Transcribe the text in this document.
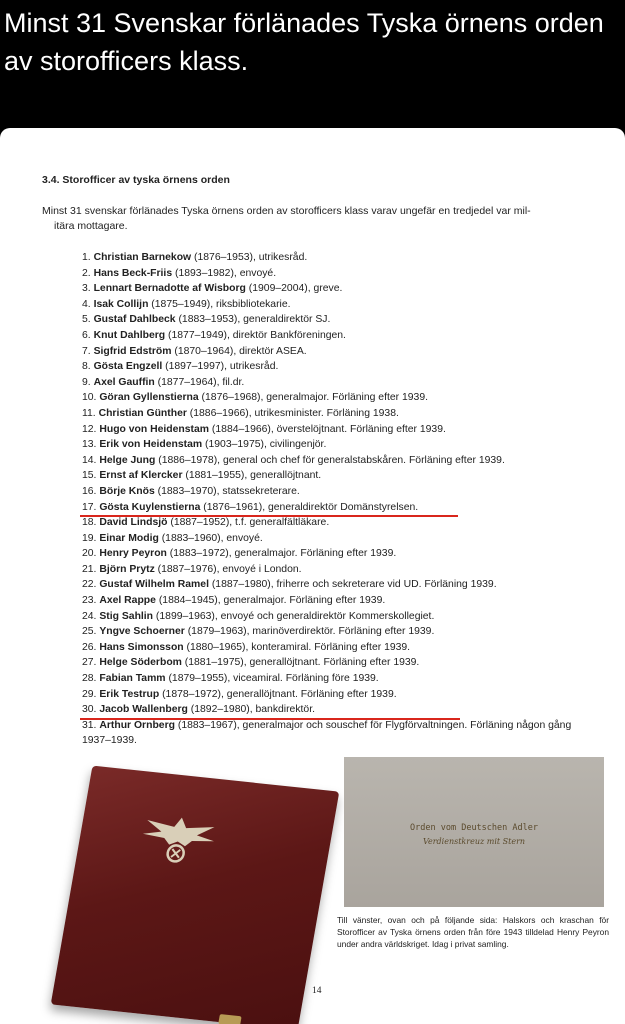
Minst 31 Svenskar förlänades Tyska örnens orden av storofficers klass.
3.4. Storofficer av tyska örnens orden
Minst 31 svenskar förlänades Tyska örnens orden av storofficers klass varav ungefär en tredjedel var mil-
itära mottagare.
1. Christian Barnekow (1876–1953), utrikesråd.
2. Hans Beck-Friis (1893–1982), envoyé.
3. Lennart Bernadotte af Wisborg (1909–2004), greve.
4. Isak Collijn (1875–1949), riksbibliotekarie.
5. Gustaf Dahlbeck (1883–1953), generaldirektör SJ.
6. Knut Dahlberg (1877–1949), direktör Bankföreningen.
7. Sigfrid Edström (1870–1964), direktör ASEA.
8. Gösta Engzell (1897–1997), utrikesråd.
9. Axel Gauffin (1877–1964), fil.dr.
10. Göran Gyllenstierna (1876–1968), generalmajor. Förläning efter 1939.
11. Christian Günther (1886–1966), utrikesminister. Förläning 1938.
12. Hugo von Heidenstam (1884–1966), överstelöjtnant. Förläning efter 1939.
13. Erik von Heidenstam (1903–1975), civilingenjör.
14. Helge Jung (1886–1978), general och chef för generalstabskåren. Förläning efter 1939.
15. Ernst af Klercker (1881–1955), generallöjtnant.
16. Börje Knös (1883–1970), statssekreterare.
17. Gösta Kuylenstierna (1876–1961), generaldirektör Domänstyrelsen.
18. David Lindsjö (1887–1952), t.f. generalfältläkare.
19. Einar Modig (1883–1960), envoyé.
20. Henry Peyron (1883–1972), generalmajor. Förläning efter 1939.
21. Björn Prytz (1887–1976), envoyé i London.
22. Gustaf Wilhelm Ramel (1887–1980), friherre och sekreterare vid UD. Förläning 1939.
23. Axel Rappe (1884–1945), generalmajor. Förläning efter 1939.
24. Stig Sahlin (1899–1963), envoyé och generaldirektör Kommerskollegiet.
25. Yngve Schoerner (1879–1963), marinöverdirektör. Förläning efter 1939.
26. Hans Simonsson (1880–1965), konteramiral. Förläning efter 1939.
27. Helge Söderbom (1881–1975), generallöjtnant. Förläning efter 1939.
28. Fabian Tamm (1879–1955), viceamiral. Förläning före 1939.
29. Erik Testrup (1878–1972), generallöjtnant. Förläning efter 1939.
30. Jacob Wallenberg (1892–1980), bankdirektör.
31. Arthur Örnberg (1883–1967), generalmajor och souschef för Flygförvaltningen. Förläning någon gång 1937–1939.
Orden vom Deutschen Adler
Verdienstkreuz mit Stern
Till vänster, ovan och på följande sida: Halskors och kraschan för Storofficer av Tyska örnens orden från före 1943 tilldelad Henry Peyron under andra världskriget. Idag i privat samling.
14
